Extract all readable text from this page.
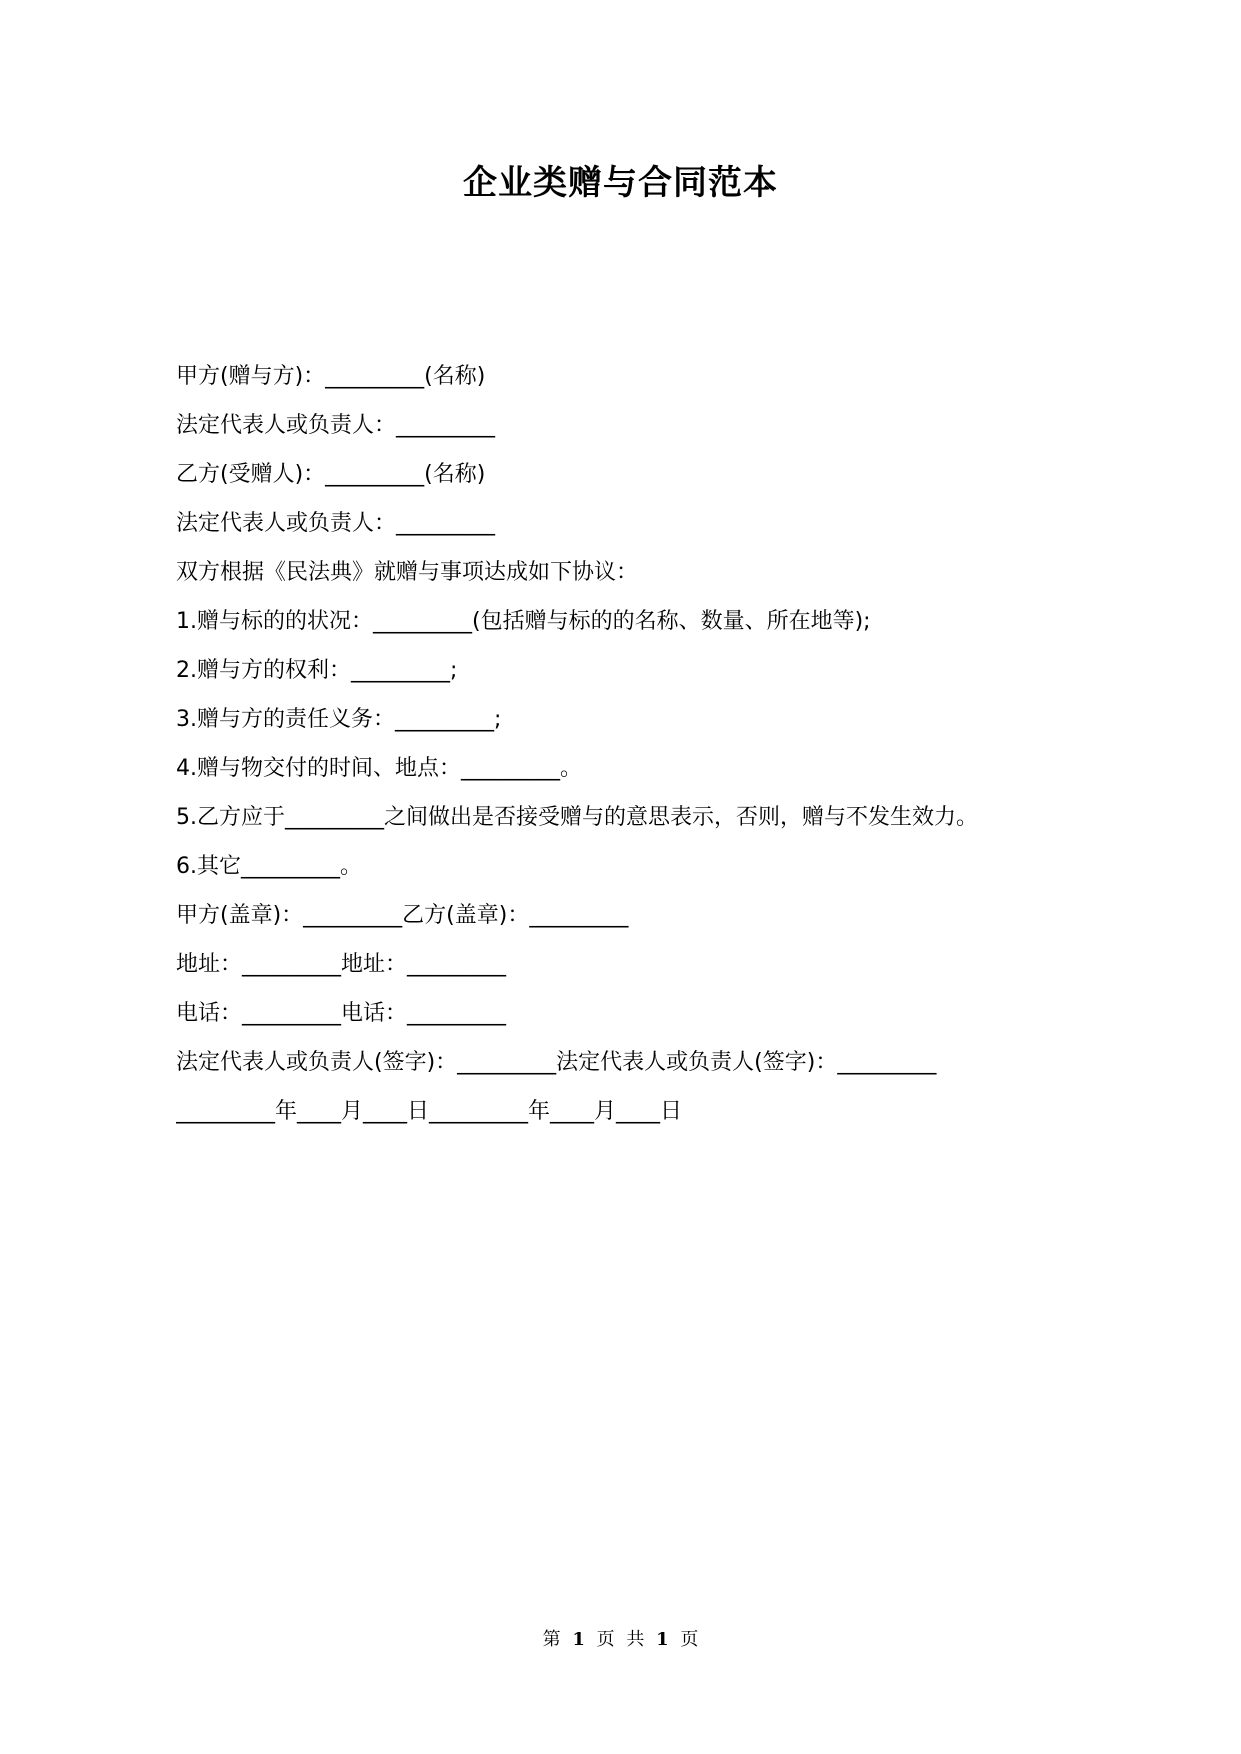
企业类赠与合同范本
甲方(赠与方)：_________(名称)
法定代表人或负责人：_________
乙方(受赠人)：_________(名称)
法定代表人或负责人：_________
双方根据《民法典》就赠与事项达成如下协议：
1.赠与标的的状况：_________(包括赠与标的的名称、数量、所在地等);
2.赠与方的权利：_________;
3.赠与方的责任义务：_________;
4.赠与物交付的时间、地点：_________。
5.乙方应于_________之间做出是否接受赠与的意思表示，否则，赠与不发生效力。
6.其它_________。
甲方(盖章)：_________乙方(盖章)：_________
地址：_________地址：_________
电话：_________电话：_________
法定代表人或负责人(签字)：_________法定代表人或负责人(签字)：_________
_________年____月____日_________年____月____日
第 1 页 共 1 页
